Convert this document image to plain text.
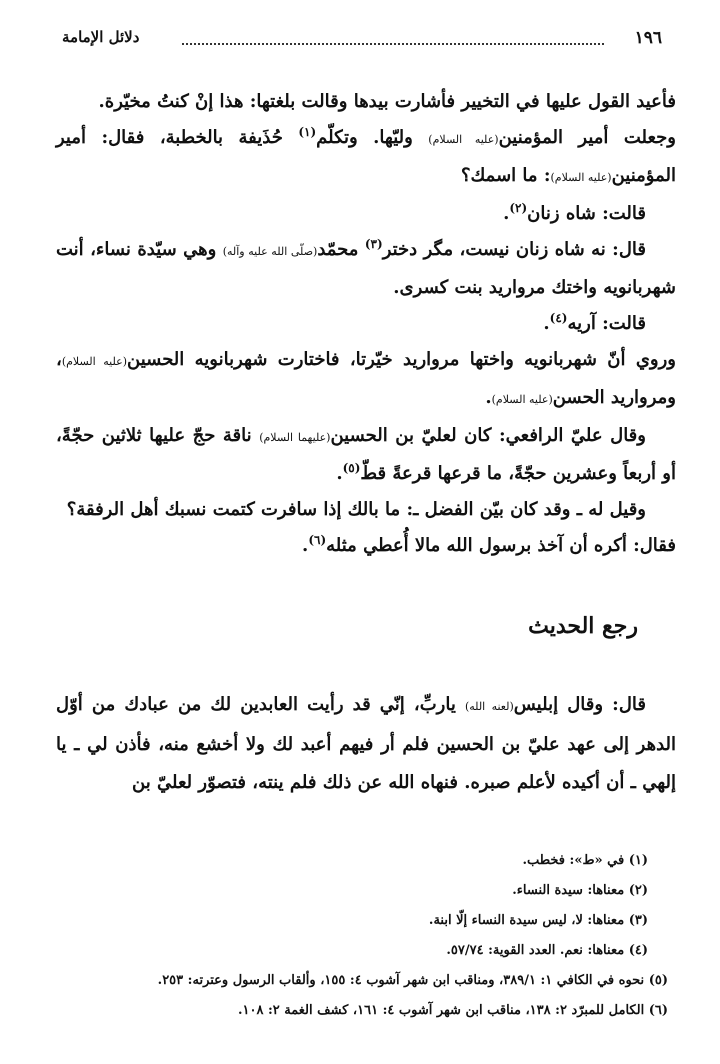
١٩٦
دلائل الإمامة

فأعيد القول عليها في التخيير فأشارت بيدها وقالت بلغتها: هذا إنْ كنتُ مخيّرة.

وجعلت أمير المؤمنين(عليه السلام) وليّها. وتكلّم$^{(١)}$ حُذَيفة بالخطبة، فقال: أمير المؤمنين(عليه السلام): ما اسمك؟

قالت: شاه زنان$^{(٢)}$.

قال: نه شاه زنان نيست، مگر دختر$^{(٣)}$ محمّد(صلّى الله عليه وآله) وهي سيّدة نساء، أنت شهربانويه واختك مرواريد بنت كسرى.

قالت: آريه$^{(٤)}$.

وروي أنّ شهربانويه واختها مرواريد خيّرتا، فاختارت شهربانويه الحسين(عليه السلام)، ومرواريد الحسن(عليه السلام).

وقال عليّ الرافعي: كان لعليّ بن الحسين(عليهما السلام) ناقة حجّ عليها ثلاثين حجّةً، أو أربعاً وعشرين حجّةً، ما قرعها قرعةً قطّ$^{(٥)}$.

وقيل له ـ وقد كان بيّن الفضل ـ: ما بالك إذا سافرت كتمت نسبك أهل الرفقة؟

فقال: أكره أن آخذ برسول الله مالا أُعطي مثله$^{(٦)}$.

رجع الحديث

قال: وقال إبليس(لعنه الله) ياربِّ، إنّي قد رأيت العابدين لك من عبادك من أوّل الدهر إلى عهد عليّ بن الحسين فلم أر فيهم أعبد لك ولا أخشع منه، فأذن لي ـ يا إلهي ـ أن أكيده لأعلم صبره. فنهاه الله عن ذلك فلم ينته، فتصوّر لعليّ بن

(١) في «ط»: فخطب.

(٢) معناها: سيدة النساء.

(٣) معناها: لا، ليس سيدة النساء إلّا ابنة.

(٤) معناها: نعم. العدد القوية: ٥٧/٧٤.

(٥) نحوه في الكافي ١: ٣٨٩/١، ومناقب ابن شهر آشوب ٤: ١٥٥، وألقاب الرسول وعترته: ٢٥٣.

(٦) الكامل للمبرّد ٢: ١٣٨، مناقب ابن شهر آشوب ٤: ١٦١، كشف الغمة ٢: ١٠٨.
